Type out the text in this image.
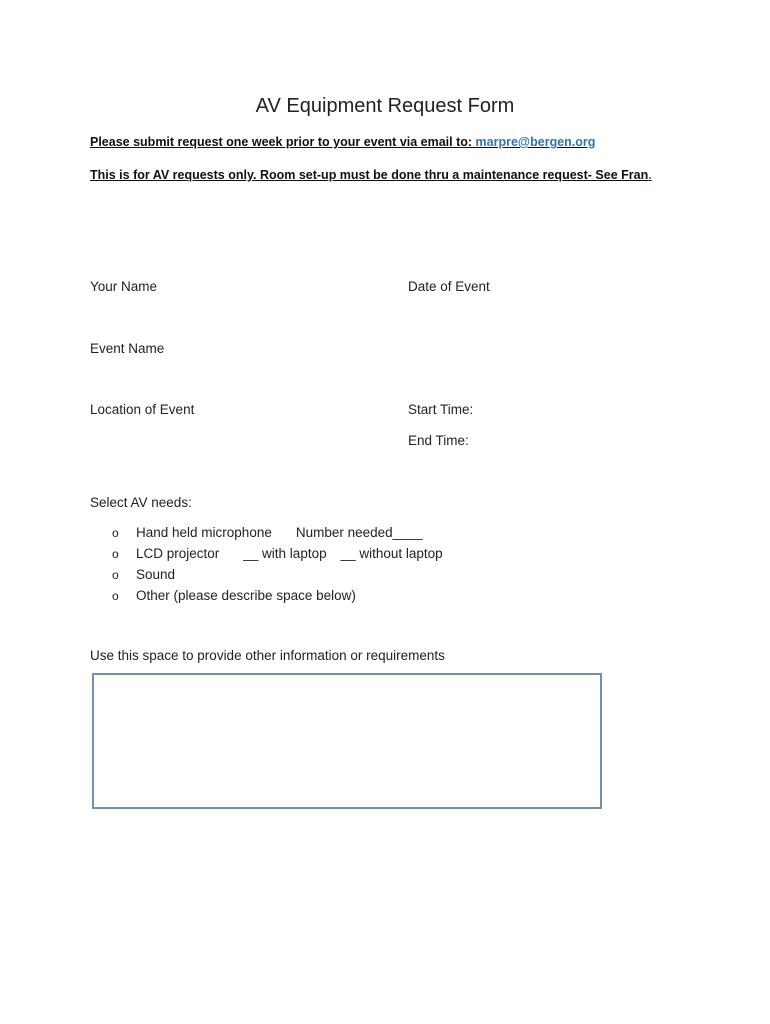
AV Equipment Request Form
Please submit request one week prior to your event via email to: marpre@bergen.org
This is for AV requests only. Room set-up must be done thru a maintenance request- See Fran.
Your Name	Date of Event
Event Name
Location of Event	Start Time:
End Time:
Select AV needs:
o Hand held microphone Number needed____
o LCD projector __ with laptop __ without laptop
o Sound
o Other (please describe space below)
Use this space to provide other information or requirements
